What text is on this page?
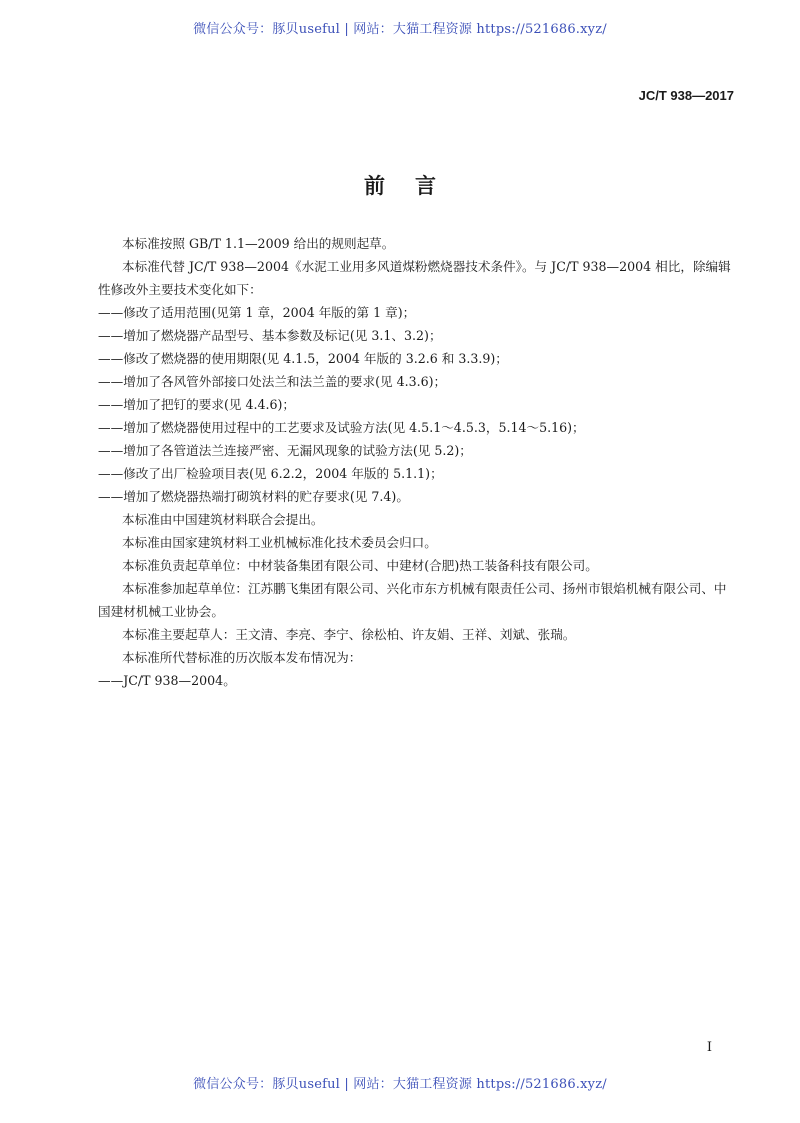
微信公众号：豚贝useful | 网站：大猫工程资源 https://521686.xyz/
JC/T 938—2017
前言

本标准按照 GB/T 1.1—2009 给出的规则起草。

本标准代替 JC/T 938—2004《水泥工业用多风道煤粉燃烧器技术条件》。与 JC/T 938—2004 相比，除编辑性修改外主要技术变化如下：

——修改了适用范围(见第 1 章，2004 年版的第 1 章)；

——增加了燃烧器产品型号、基本参数及标记(见 3.1、3.2)；

——修改了燃烧器的使用期限(见 4.1.5，2004 年版的 3.2.6 和 3.3.9)；

——增加了各风管外部接口处法兰和法兰盖的要求(见 4.3.6)；

——增加了把钉的要求(见 4.4.6)；

——增加了燃烧器使用过程中的工艺要求及试验方法(见 4.5.1～4.5.3，5.14～5.16)；

——增加了各管道法兰连接严密、无漏风现象的试验方法(见 5.2)；

——修改了出厂检验项目表(见 6.2.2，2004 年版的 5.1.1)；

——增加了燃烧器热端打砌筑材料的贮存要求(见 7.4)。

本标准由中国建筑材料联合会提出。

本标准由国家建筑材料工业机械标准化技术委员会归口。

本标准负责起草单位：中材装备集团有限公司、中建材(合肥)热工装备科技有限公司。

本标准参加起草单位：江苏鹏飞集团有限公司、兴化市东方机械有限责任公司、扬州市银焰机械有限公司、中国建材机械工业协会。

本标准主要起草人：王文清、李亮、李宁、徐松柏、许友娟、王祥、刘斌、张瑞。

本标准所代替标准的历次版本发布情况为：

——JC/T 938—2004。

I
微信公众号：豚贝useful | 网站：大猫工程资源 https://521686.xyz/
